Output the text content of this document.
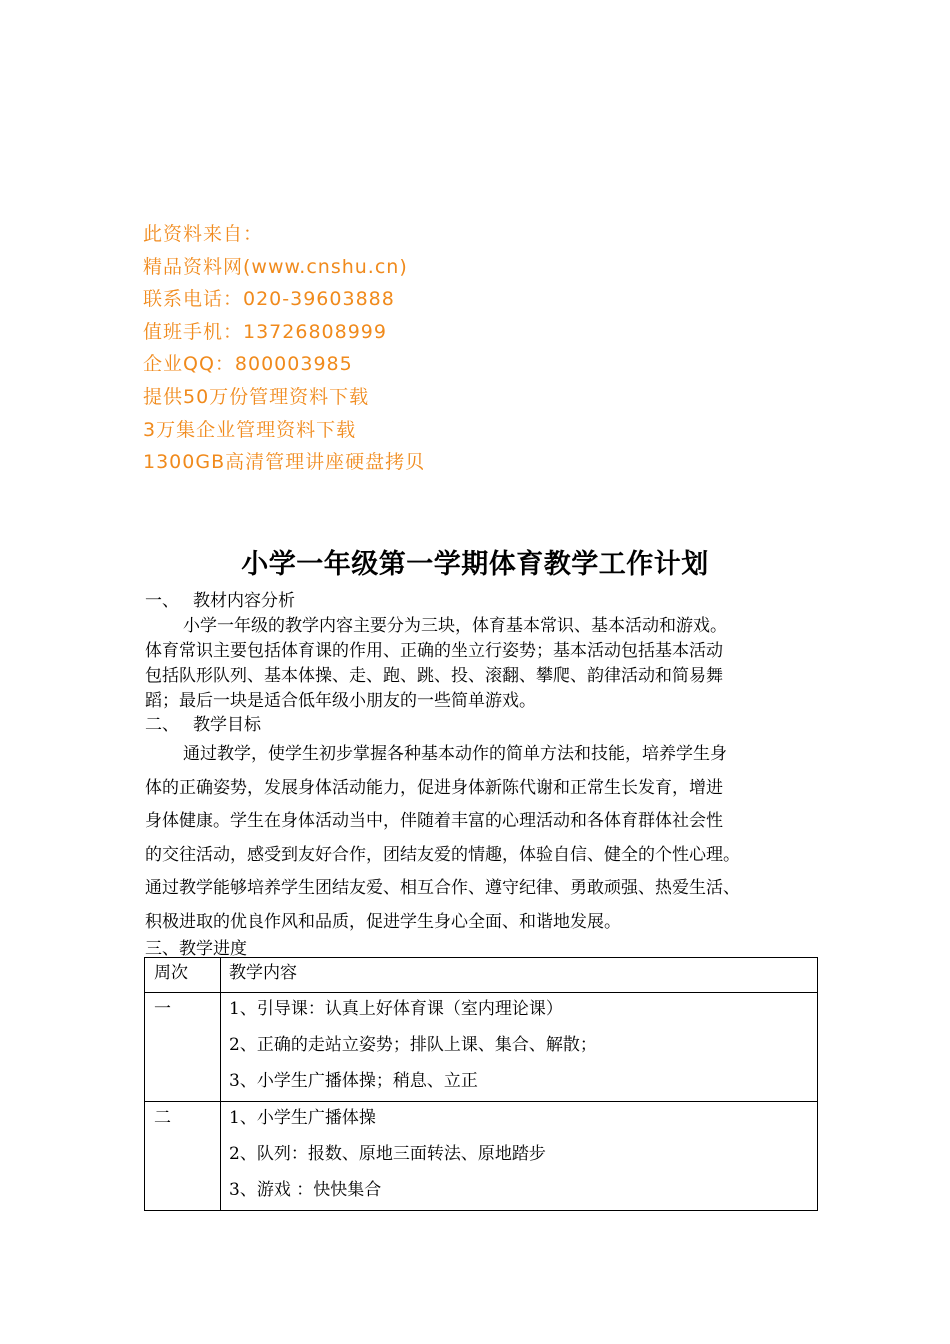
此资料来自：
精品资料网(www.cnshu.cn)
联系电话：020-39603888
值班手机：13726808999
企业QQ：800003985
提供50万份管理资料下载
3万集企业管理资料下载
1300GB高清管理讲座硬盘拷贝
小学一年级第一学期体育教学工作计划
一、 教材内容分析
小学一年级的教学内容主要分为三块，体育基本常识、基本活动和游戏。
体育常识主要包括体育课的作用、正确的坐立行姿势；基本活动包括基本活动
包括队形队列、基本体操、走、跑、跳、投、滚翻、攀爬、韵律活动和简易舞
蹈；最后一块是适合低年级小朋友的一些简单游戏。
二、 教学目标
通过教学，使学生初步掌握各种基本动作的简单方法和技能，培养学生身
体的正确姿势，发展身体活动能力，促进身体新陈代谢和正常生长发育，增进
身体健康。学生在身体活动当中，伴随着丰富的心理活动和各体育群体社会性
的交往活动，感受到友好合作，团结友爱的情趣，体验自信、健全的个性心理。
通过教学能够培养学生团结友爱、相互合作、遵守纪律、勇敢顽强、热爱生活、
积极进取的优良作风和品质，促进学生身心全面、和谐地发展。
三、教学进度
周次	教学内容

一	1、引导课：认真上好体育课（室内理论课）
2、正确的走站立姿势；排队上课、集合、解散；
3、小学生广播体操；稍息、立正

二	1、小学生广播体操
2、队列：报数、原地三面转法、原地踏步
3、游戏 ：快快集合
